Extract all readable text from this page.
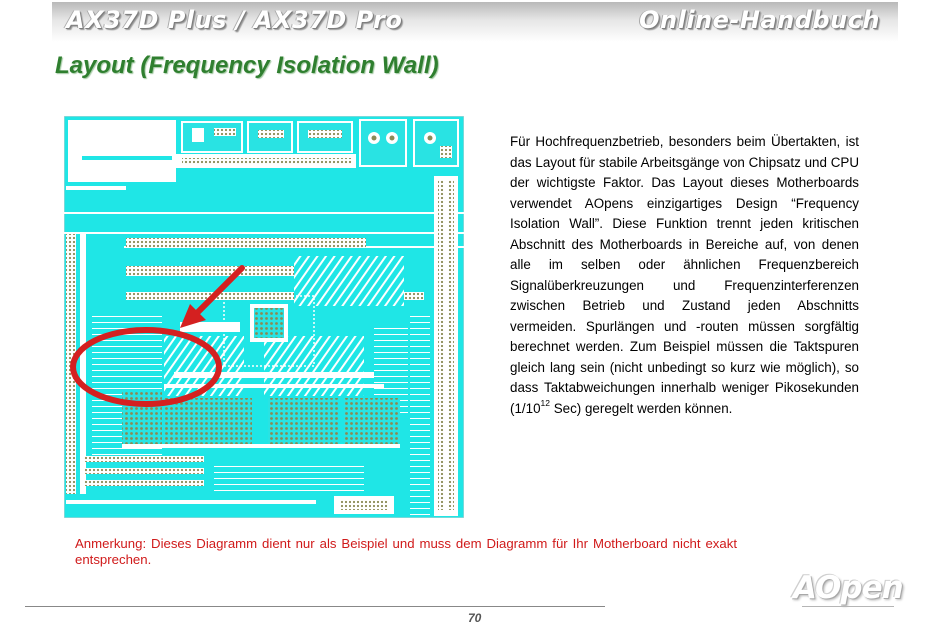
AX37D Plus / AX37D Pro	Online-Handbuch

Layout (Frequency Isolation Wall)

Für Hochfrequenzbetrieb, besonders beim Übertakten, ist das Layout für stabile Arbeitsgänge von Chipsatz und CPU der wichtigste Faktor. Das Layout dieses Motherboards verwendet AOpens einzigartiges Design “Frequency Isolation Wall”. Diese Funktion trennt jeden kritischen Abschnitt des Motherboards in Bereiche auf, von denen alle im selben oder ähnlichen Frequenzbereich Signalüberkreuzungen und Frequenzinterferenzen zwischen Betrieb und Zustand jeden Abschnitts vermeiden. Spurlängen und -routen müssen sorgfältig berechnet werden. Zum Beispiel müssen die Taktspuren gleich lang sein (nicht unbedingt so kurz wie möglich), so dass Taktabweichungen innerhalb weniger Pikosekunden ($1/10^{12}$ Sec) geregelt werden können.

Anmerkung: Dieses Diagramm dient nur als Beispiel und muss dem Diagramm für Ihr Motherboard nicht exakt entsprechen.

AOpen

70
